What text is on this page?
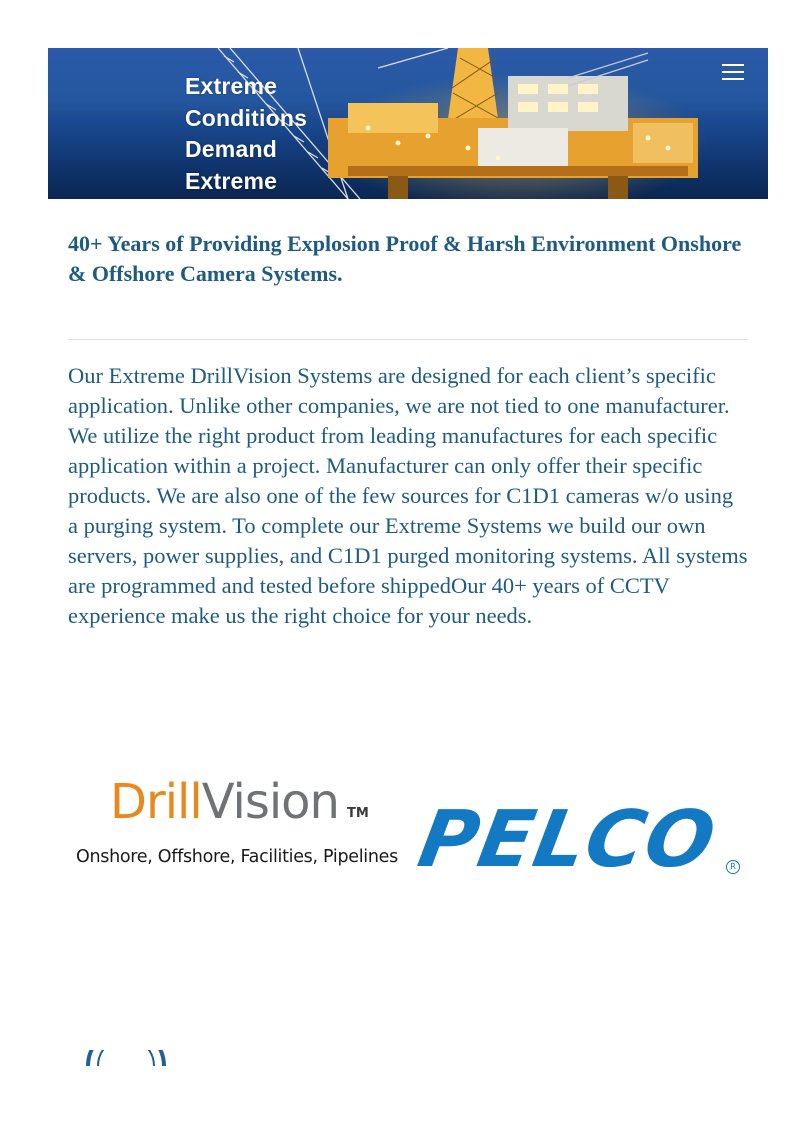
Extreme
Conditions
Demand
Extreme
40+ Years of Providing Explosion Proof & Harsh Environment Onshore & Offshore Camera Systems.

Our Extreme DrillVision Systems are designed for each client’s specific application. Unlike other companies, we are not tied to one manufacturer. We utilize the right product from leading manufactures for each specific application within a project. Manufacturer can only offer their specific products. We are also one of the few sources for C1D1 cameras w/o using a purging system. To complete our Extreme Systems we build our own servers, power supplies, and C1D1 purged monitoring systems. All systems are programmed and tested before shippedOur 40+ years of CCTV experience make us the right choice for your needs.

DrillVision TM
Onshore, Offshore, Facilities, Pipelines PELCO R
